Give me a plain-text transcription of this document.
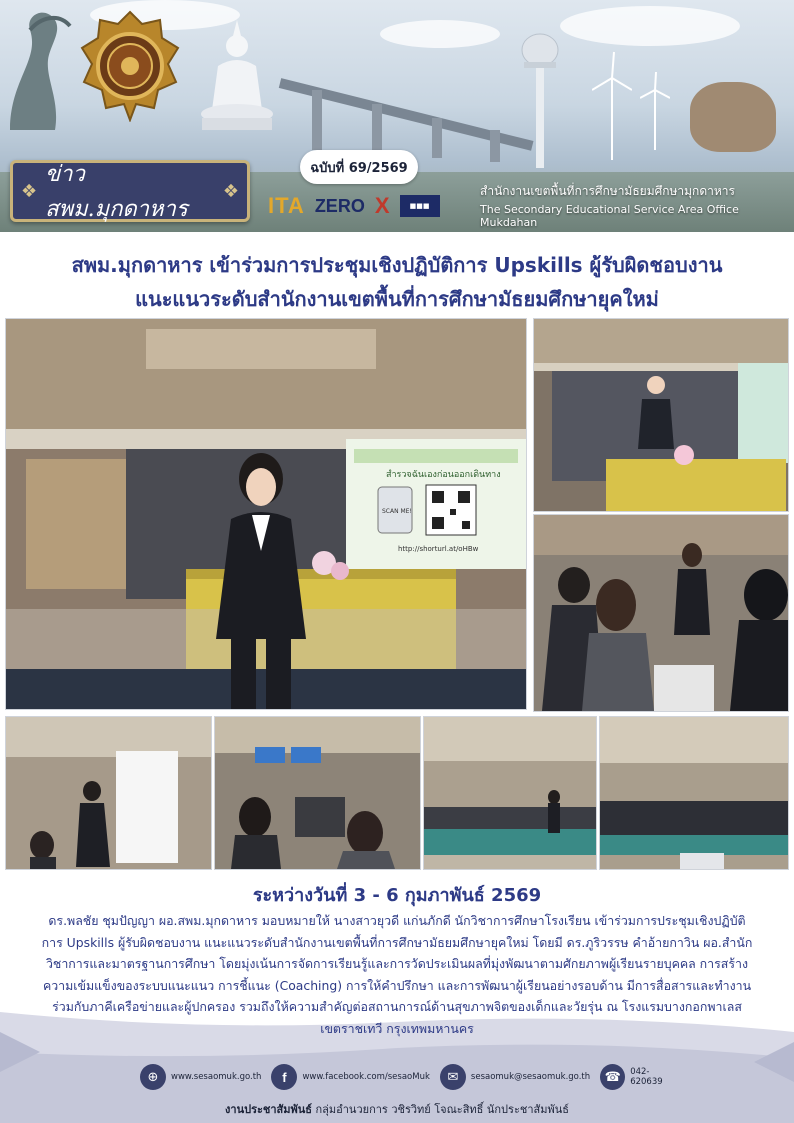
❖
ข่าว สพม.มุกดาหาร
❖
ฉบับที่ 69/2569
ITA ZERO X	■■■
สำนักงานเขตพื้นที่การศึกษามัธยมศึกษามุกดาหาร
The Secondary Educational Service Area Office Mukdahan
สพม.มุกดาหาร เข้าร่วมการประชุมเชิงปฏิบัติการ Upskills ผู้รับผิดชอบงาน
แนะแนวระดับสำนักงานเขตพื้นที่การศึกษามัธยมศึกษายุคใหม่
สำรวจฉันเองก่อนออกเดินทาง
SCAN ME!
http://shorturl.at/oHBw
ระหว่างวันที่ 3 - 6 กุมภาพันธ์ 2569
ดร.พลชัย ชุมปัญญา ผอ.สพม.มุกดาหาร มอบหมายให้ นางสาวยุวดี แก่นภักดี นักวิชาการศึกษาโรงเรียน เข้าร่วมการประชุมเชิงปฏิบัติการ Upskills ผู้รับผิดชอบงาน แนะแนวระดับสำนักงานเขตพื้นที่การศึกษามัธยมศึกษายุคใหม่ โดยมี ดร.ภูริวรรษ คำอ้ายกาวิน ผอ.สำนักวิชาการและมาตรฐานการศึกษา โดยมุ่งเน้นการจัดการเรียนรู้และการวัดประเมินผลที่มุ่งพัฒนาตามศักยภาพผู้เรียนรายบุคคล การสร้างความเข้มแข็งของระบบแนะแนว การชี้แนะ (Coaching) การให้คำปรึกษา และการพัฒนาผู้เรียนอย่างรอบด้าน มีการสื่อสารและทำงานร่วมกับภาคีเครือข่ายและผู้ปกครอง รวมถึงให้ความสำคัญต่อสถานการณ์ด้านสุขภาพจิตของเด็กและวัยรุ่น ณ โรงแรมบางกอกพาเลส เขตราชเทวี กรุงเทพมหานคร
⊕	www.sesaomuk.go.th	f	www.facebook.com/sesaoMuk	✉	sesaomuk@sesaomuk.go.th	☎	042-620639
งานประชาสัมพันธ์ กลุ่มอำนวยการ วชิรวิทย์ โจณะสิทธิ์ นักประชาสัมพันธ์
